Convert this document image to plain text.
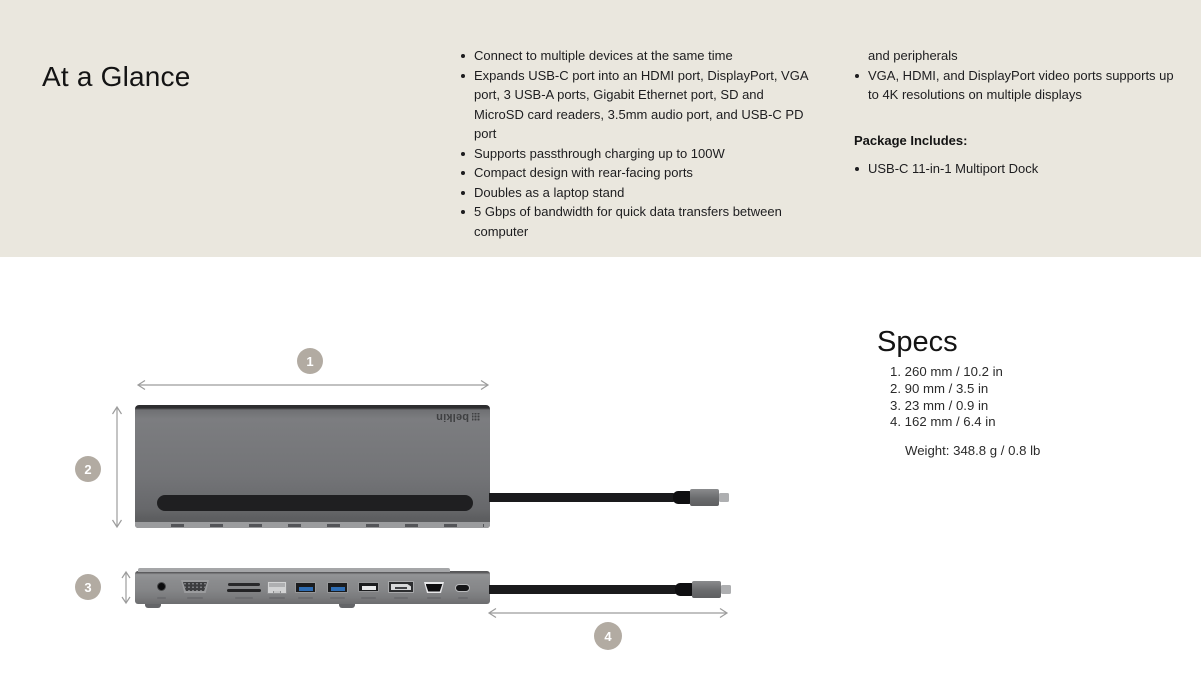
At a Glance
Connect to multiple devices at the same time
Expands USB-C port into an HDMI port, DisplayPort, VGA port, 3 USB-A ports, Gigabit Ethernet port, SD and MicroSD card readers, 3.5mm audio port, and USB-C PD port
Supports passthrough charging up to 100W
Compact design with rear-facing ports
Doubles as a laptop stand
5 Gbps of bandwidth for quick data transfers between computer
and peripherals
VGA, HDMI, and DisplayPort video ports supports up to 4K resolutions on multiple displays
Package Includes:
USB-C 11-in-1 Multiport Dock
Specs
1. 260 mm / 10.2 in
2. 90 mm / 3.5 in
3. 23 mm / 0.9 in
4. 162 mm / 6.4 in
Weight: 348.8 g / 0.8 lb
1
2
3
4
belkin
